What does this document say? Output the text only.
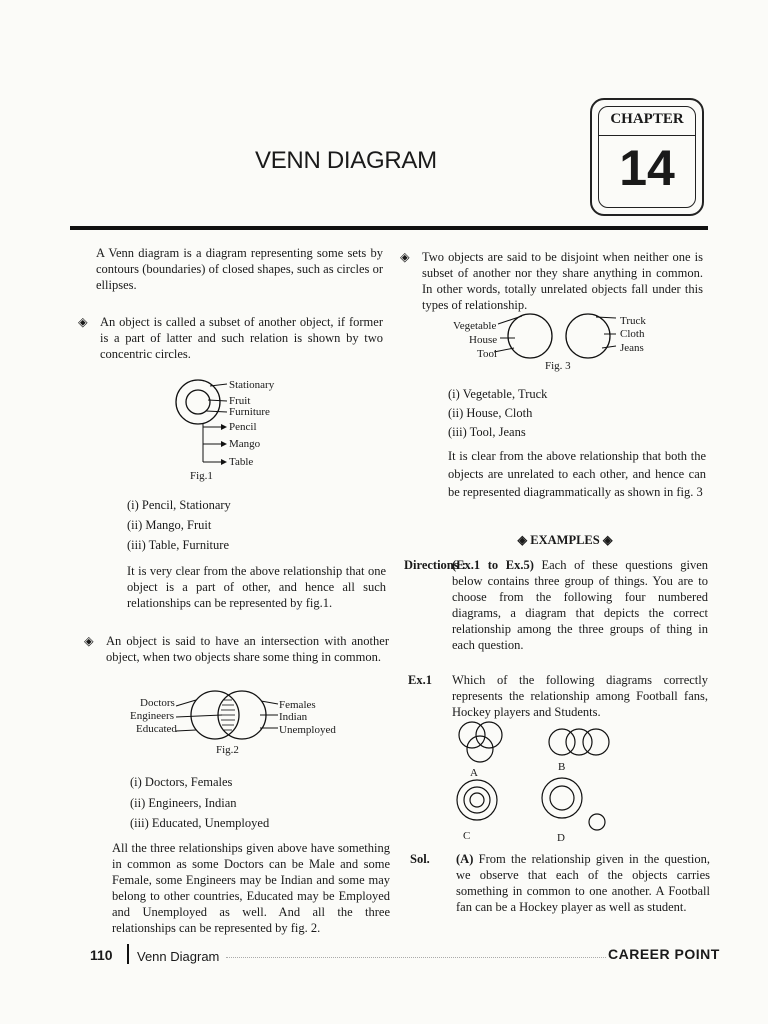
VENN DIAGRAM
CHAPTER
14
A Venn diagram is a diagram representing some sets by contours (boundaries) of closed shapes, such as circles or ellipses.
◈ An object is called a subset of another object, if former is a part of latter and such relation is shown by two concentric circles.
Stationary
Fruit
Furniture
Pencil
Mango
Table
Fig.1
(i) Pencil, Stationary
(ii) Mango, Fruit
(iii) Table, Furniture
It is very clear from the above relationship that one object is a part of other, and hence all such relationships can be represented by fig.1.
◈ An object is said to have an intersection with another object, when two objects share some thing in common.
Doctors
Engineers
Educated
Females
Indian
Unemployed
Fig.2
(i) Doctors, Females
(ii) Engineers, Indian
(iii) Educated, Unemployed
All the three relationships given above have something in common as some Doctors can be Male and some Female, some Engineers may be Indian and some may belong to other countries, Educated may be Employed and Unemployed as well. And all the three relationships can be represented by fig. 2.
◈ Two objects are said to be disjoint when neither one is subset of another nor they share anything in common. In other words, totally unrelated objects fall under this types of relationship.
Vegetable
House
Tool
Truck
Cloth
Jeans
Fig. 3
(i) Vegetable, Truck
(ii) House, Cloth
(iii) Tool, Jeans
It is clear from the above relationship that both the objects are unrelated to each other, and hence can be represented diagrammatically as shown in fig. 3
◈ EXAMPLES ◈
Directions :
(Ex.1 to Ex.5) Each of these questions given below contains three group of things. You are to choose from the following four numbered diagrams, a diagram that depicts the correct relationship among the three groups of thing in each question.
Ex.1 Which of the following diagrams correctly represents the relationship among Football fans, Hockey players and Students.
A	B
C	D
Sol. (A) From the relationship given in the question, we observe that each of the objects carries something in common to one another. A Football fan can be a Hockey player as well as student.
110 Venn Diagram	CAREER POINT
